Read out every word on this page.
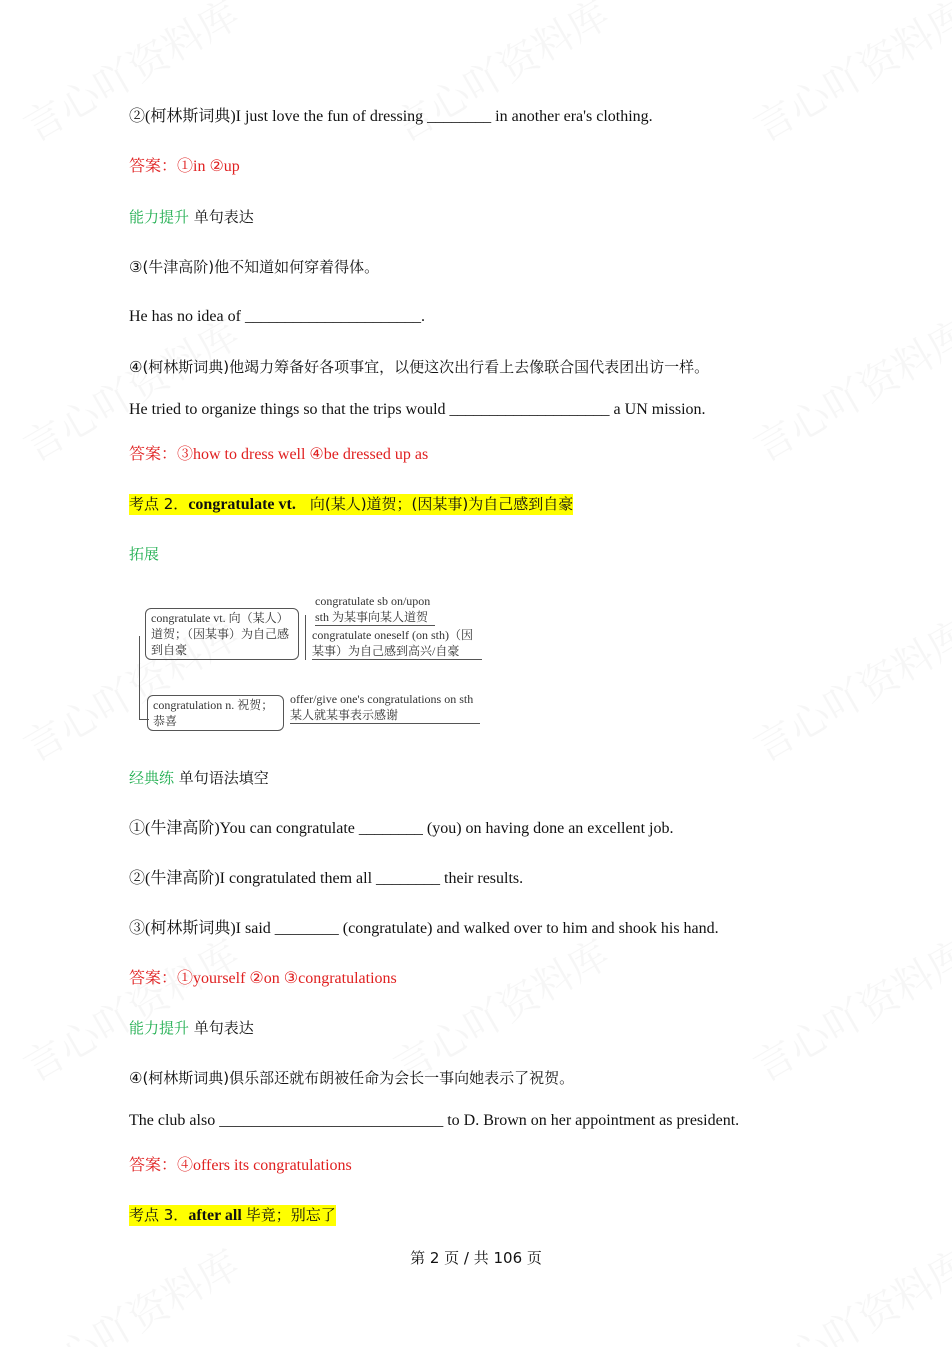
②(柯林斯词典)I just love the fun of dressing ________ in another era's clothing.
答案：①in ②up
能力提升 单句表达
③(牛津高阶)他不知道如何穿着得体。
He has no idea of ______________________.
④(柯林斯词典)他竭力筹备好各项事宜，以便这次出行看上去像联合国代表团出访一样。
He tried to organize things so that the trips would ____________________ a UN mission.
答案：③how to dress well ④be dressed up as
考点 2．congratulate vt. 向(某人)道贺；(因某事)为自己感到自豪
拓展
congratulate vt. 向（某人）道贺；（因某事）为自己感到自豪
congratulate sb on/upon sth 为某事向某人道贺
congratulate oneself (on sth)（因某事）为自己感到高兴/自豪
congratulation n. 祝贺；恭喜
offer/give one's congratulations on sth 某人就某事表示感谢
经典练 单句语法填空
①(牛津高阶)You can congratulate ________ (you) on having done an excellent job.
②(牛津高阶)I congratulated them all ________ their results.
③(柯林斯词典)I said ________ (congratulate) and walked over to him and shook his hand.
答案：①yourself ②on ③congratulations
能力提升 单句表达
④(柯林斯词典)俱乐部还就布朗被任命为会长一事向她表示了祝贺。
The club also ____________________________ to D. Brown on her appointment as president.
答案：④offers its congratulations
考点 3．after all 毕竟；别忘了
第 2 页 / 共 106 页
